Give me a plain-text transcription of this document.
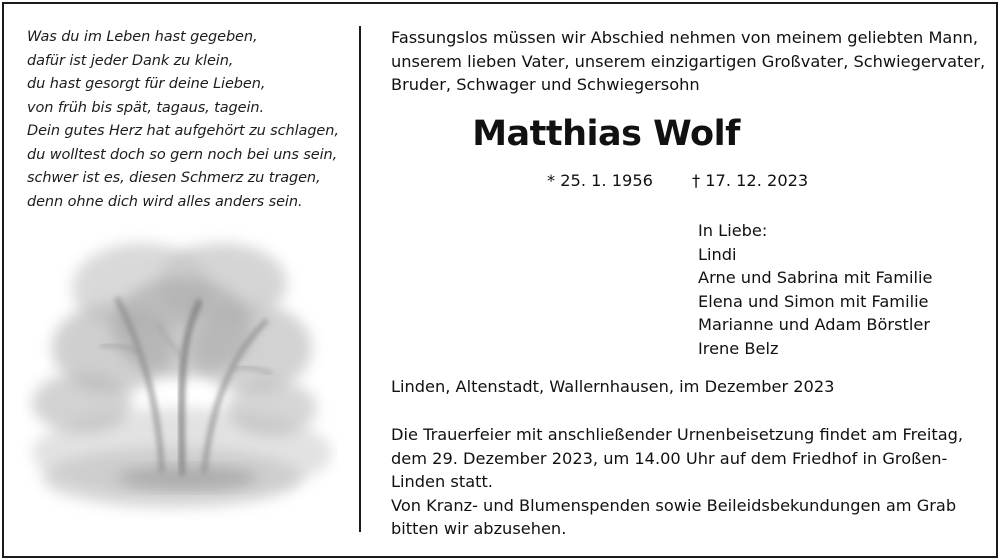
Was du im Leben hast gegeben,
dafür ist jeder Dank zu klein,
du hast gesorgt für deine Lieben,
von früh bis spät, tagaus, tagein.
Dein gutes Herz hat aufgehört zu schlagen,
du wolltest doch so gern noch bei uns sein,
schwer ist es, diesen Schmerz zu tragen,
denn ohne dich wird alles anders sein.
Fassungslos müssen wir Abschied nehmen von meinem geliebten Mann,
unserem lieben Vater, unserem einzigartigen Großvater, Schwiegervater,
Bruder, Schwager und Schwiegersohn
Matthias Wolf
* 25. 1. 1956 † 17. 12. 2023
In Liebe:
Lindi
Arne und Sabrina mit Familie
Elena und Simon mit Familie
Marianne und Adam Börstler
Irene Belz
Linden, Altenstadt, Wallernhausen, im Dezember 2023
Die Trauerfeier mit anschließender Urnenbeisetzung findet am Freitag,
dem 29. Dezember 2023, um 14.00 Uhr auf dem Friedhof in Großen-
Linden statt.
Von Kranz- und Blumenspenden sowie Beileidsbekundungen am Grab
bitten wir abzusehen.
